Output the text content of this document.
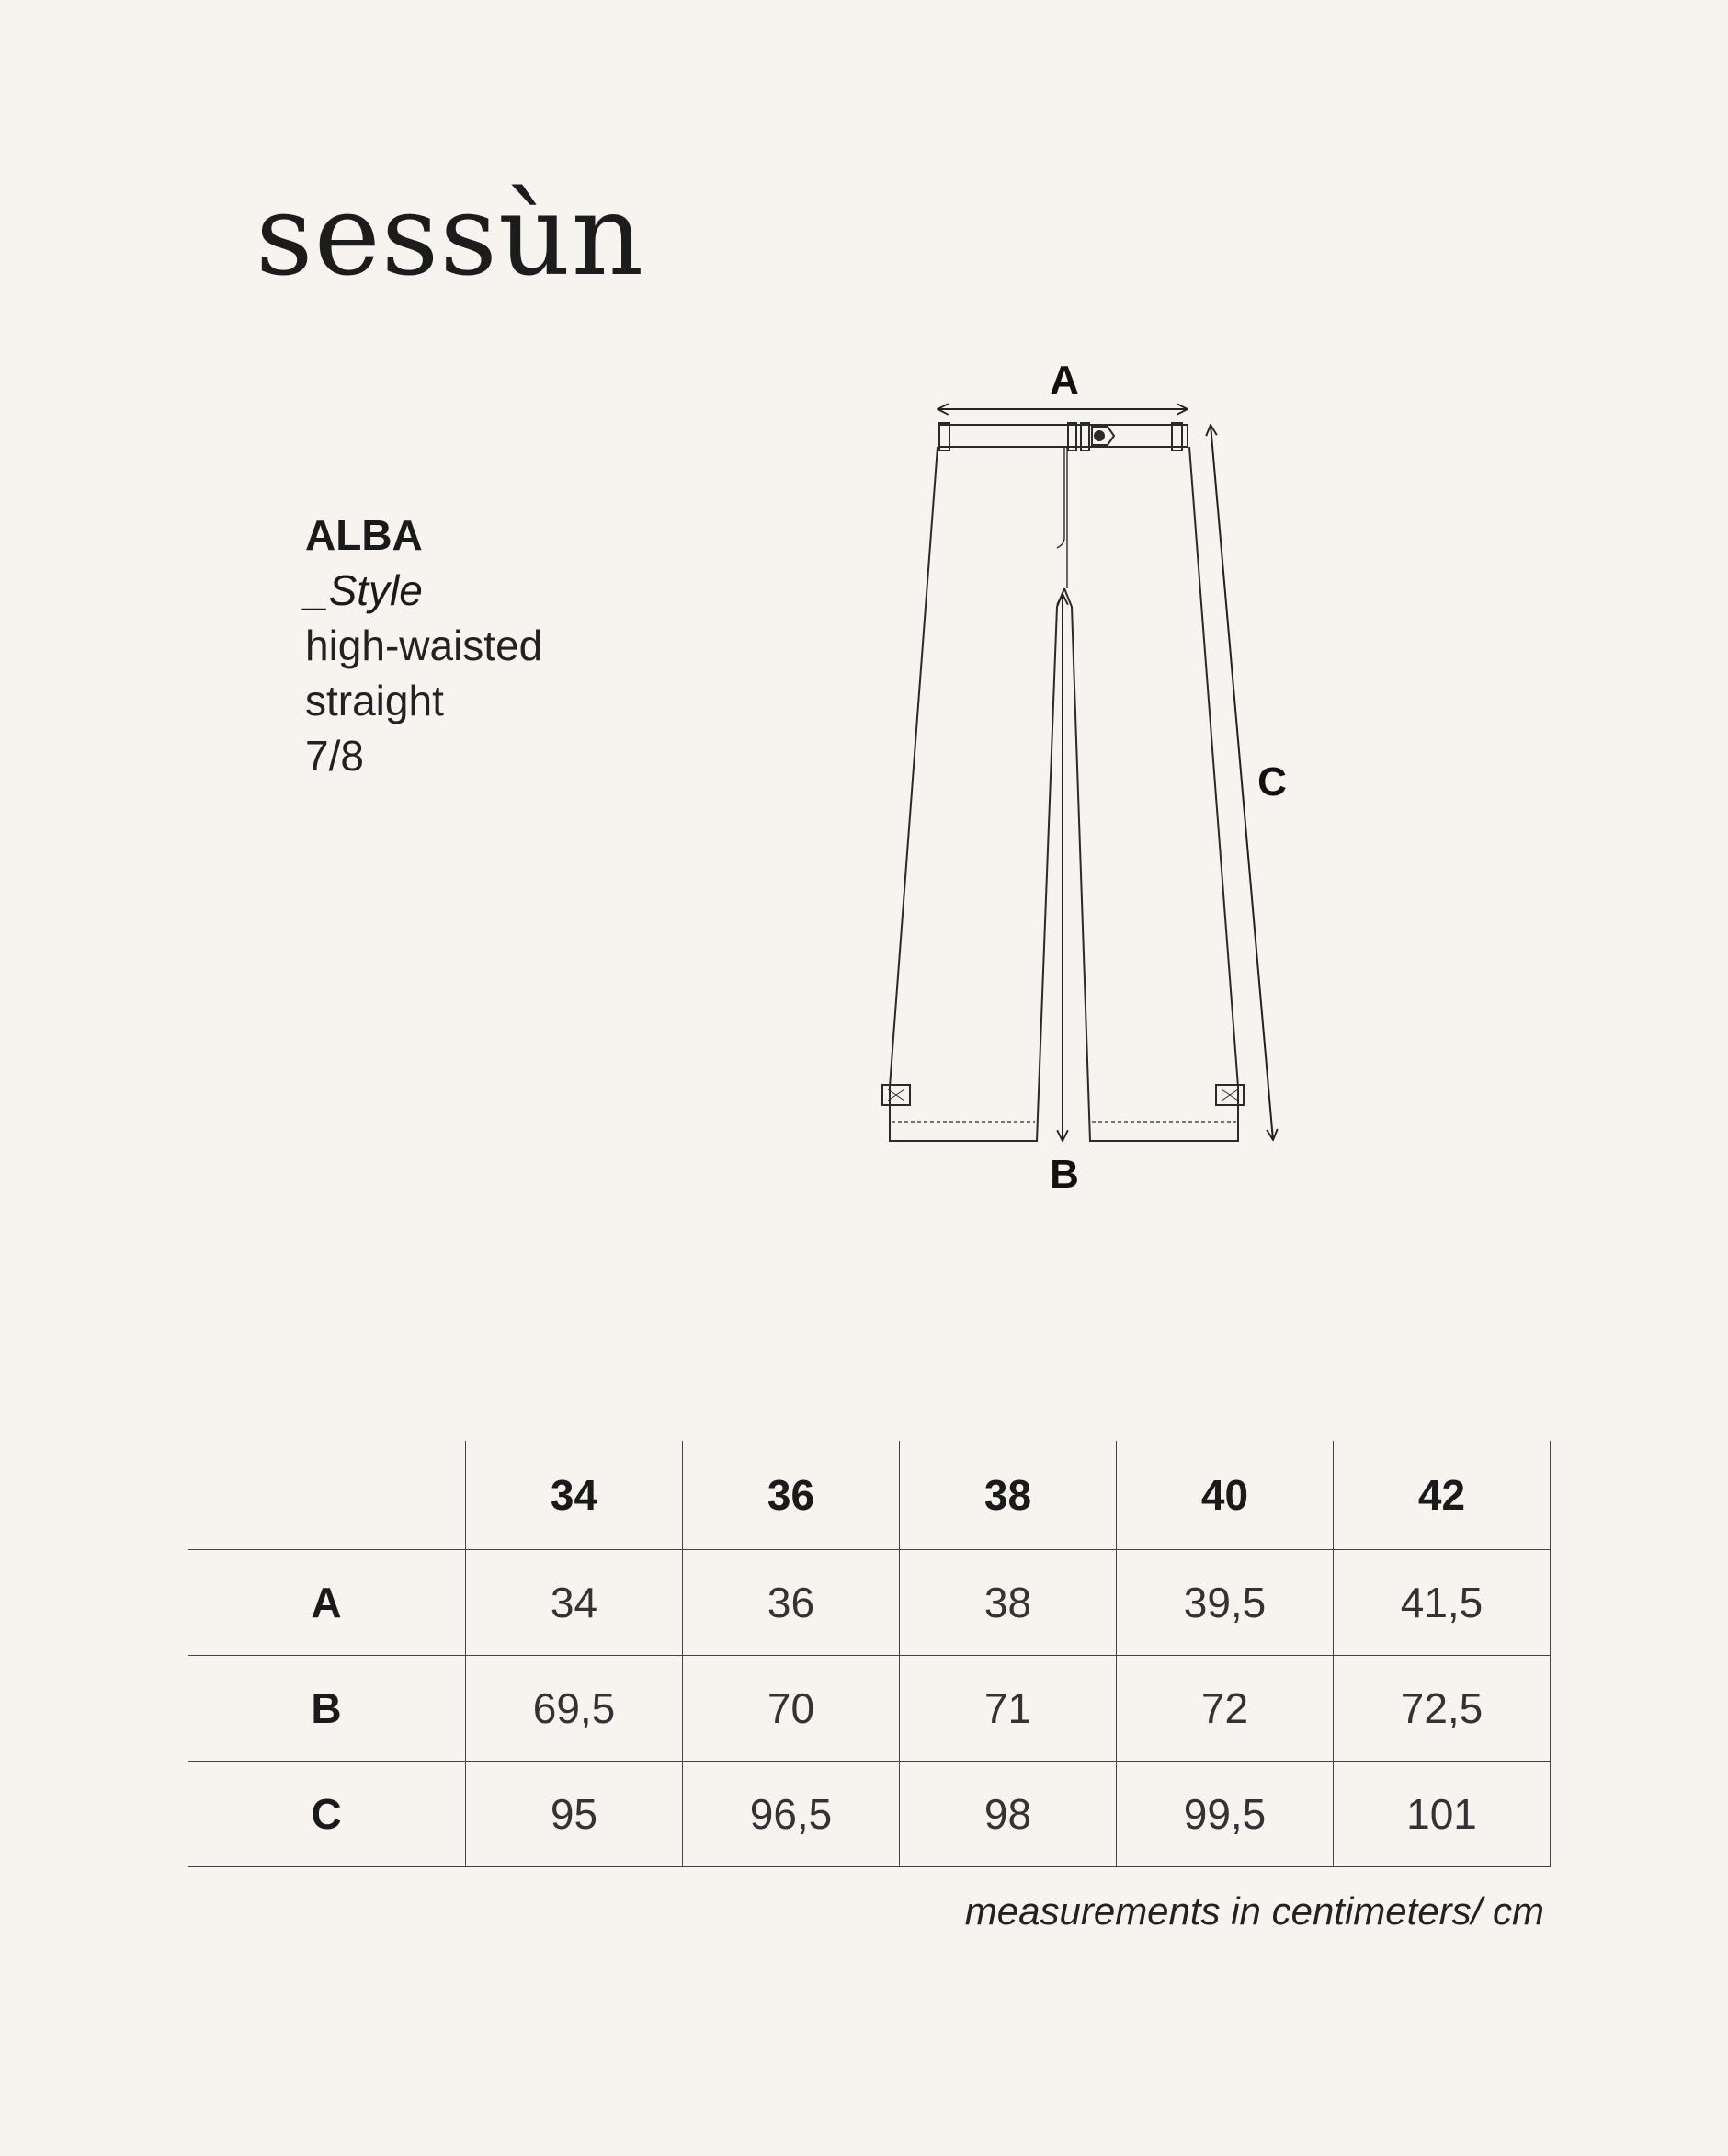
sessùn
ALBA
_Style
high-waisted
straight
7/8
A
B
C
	34	36	38	40	42
A	34	36	38	39,5	41,5
B	69,5	70	71	72	72,5
C	95	96,5	98	99,5	101
measurements in centimeters/ cm
